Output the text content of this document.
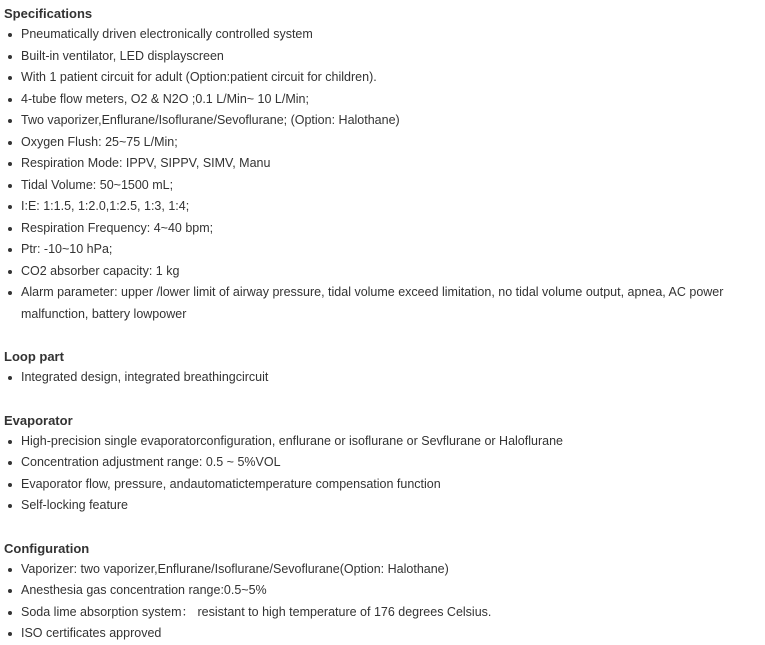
Specifications
Pneumatically driven electronically controlled system
Built-in ventilator, LED displayscreen
With 1 patient circuit for adult (Option:patient circuit for children).
4-tube flow meters, O2 & N2O ;0.1 L/Min~ 10 L/Min;
Two vaporizer,Enflurane/Isoflurane/Sevoflurane; (Option: Halothane)
Oxygen Flush: 25~75 L/Min;
Respiration Mode: IPPV, SIPPV, SIMV, Manu
Tidal Volume: 50~1500 mL;
I:E: 1:1.5, 1:2.0,1:2.5, 1:3, 1:4;
Respiration Frequency: 4~40 bpm;
Ptr: -10~10 hPa;
CO2 absorber capacity: 1 kg
Alarm parameter: upper /lower limit of airway pressure, tidal volume exceed limitation, no tidal volume output, apnea, AC power malfunction, battery lowpower
Loop part
Integrated design, integrated breathingcircuit
Evaporator
High-precision single evaporatorconfiguration, enflurane or isoflurane or Sevflurane or Haloflurane
Concentration adjustment range: 0.5 ~ 5%VOL
Evaporator flow, pressure, andautomatictemperature compensation function
Self-locking feature
Configuration
Vaporizer: two vaporizer,Enflurane/Isoflurane/Sevoflurane(Option: Halothane)
Anesthesia gas concentration range:0.5~5%
Soda lime absorption system： resistant to high temperature of 176 degrees Celsius.
ISO certificates approved
